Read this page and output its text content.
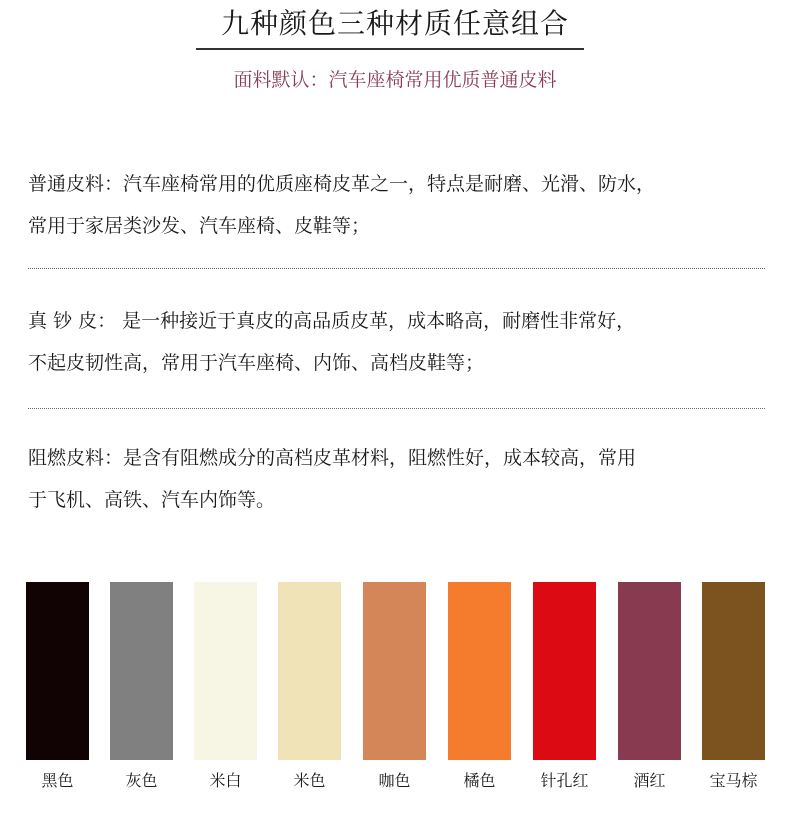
九种颜色三种材质任意组合
面料默认：汽车座椅常用优质普通皮料

普通皮料：汽车座椅常用的优质座椅皮革之一，特点是耐磨、光滑、防水，

常用于家居类沙发、汽车座椅、皮鞋等；

真 钞 皮： 是一种接近于真皮的高品质皮革，成本略高，耐磨性非常好，

不起皮韧性高，常用于汽车座椅、内饰、高档皮鞋等；

阻燃皮料：是含有阻燃成分的高档皮革材料，阻燃性好，成本较高，常用

于飞机、高铁、汽车内饰等。

黑色	灰色	米白	米色	咖色	橘色	针孔红	酒红	宝马棕
